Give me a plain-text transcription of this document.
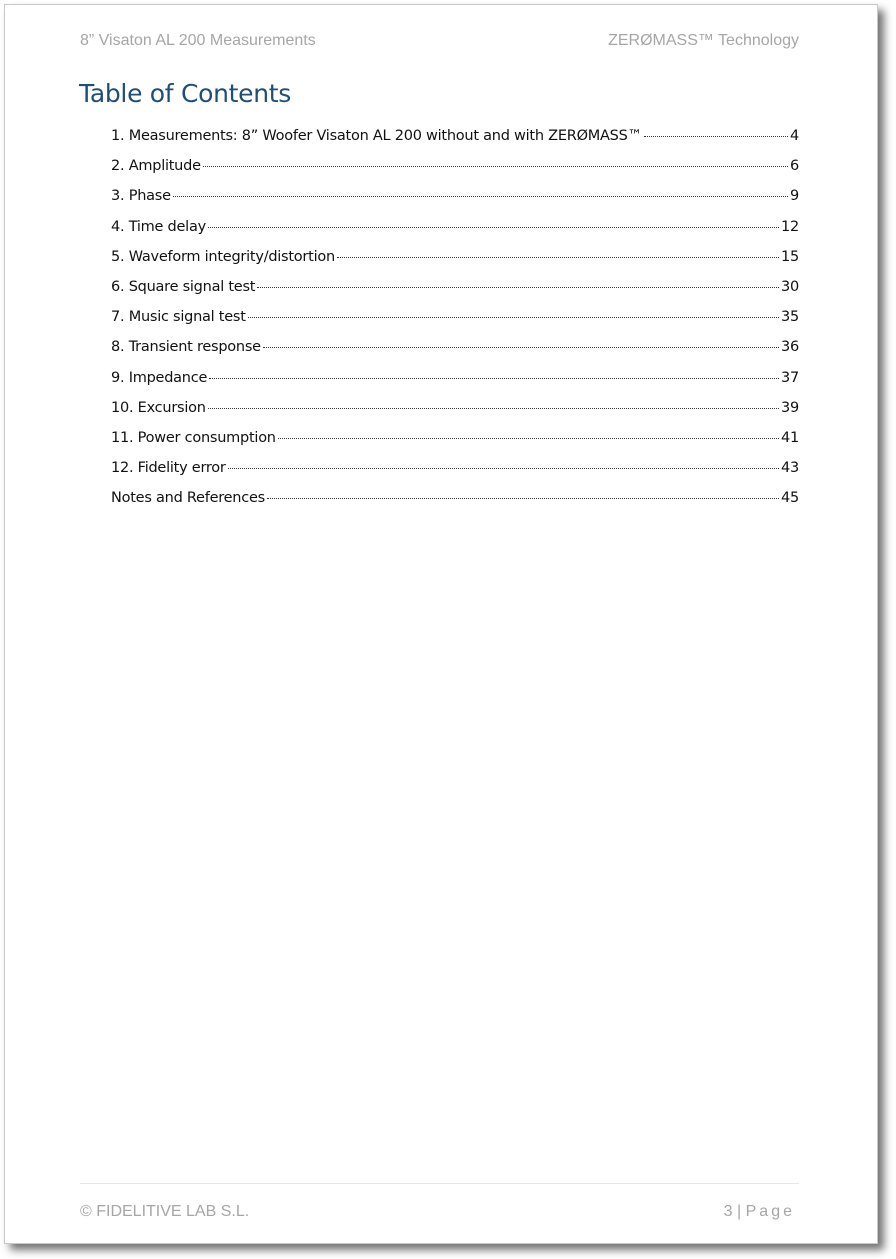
8” Visaton AL 200 Measurements	ZERØMASS™ Technology
Table of Contents
1. Measurements: 8” Woofer Visaton AL 200 without and with ZERØMASS™	4
2. Amplitude	6
3. Phase	9
4. Time delay	12
5. Waveform integrity/distortion	15
6. Square signal test	30
7. Music signal test	35
8. Transient response	36
9. Impedance	37
10. Excursion	39
11. Power consumption	41
12. Fidelity error	43
Notes and References	45
© FIDELITIVE LAB S.L.	3 | Page
